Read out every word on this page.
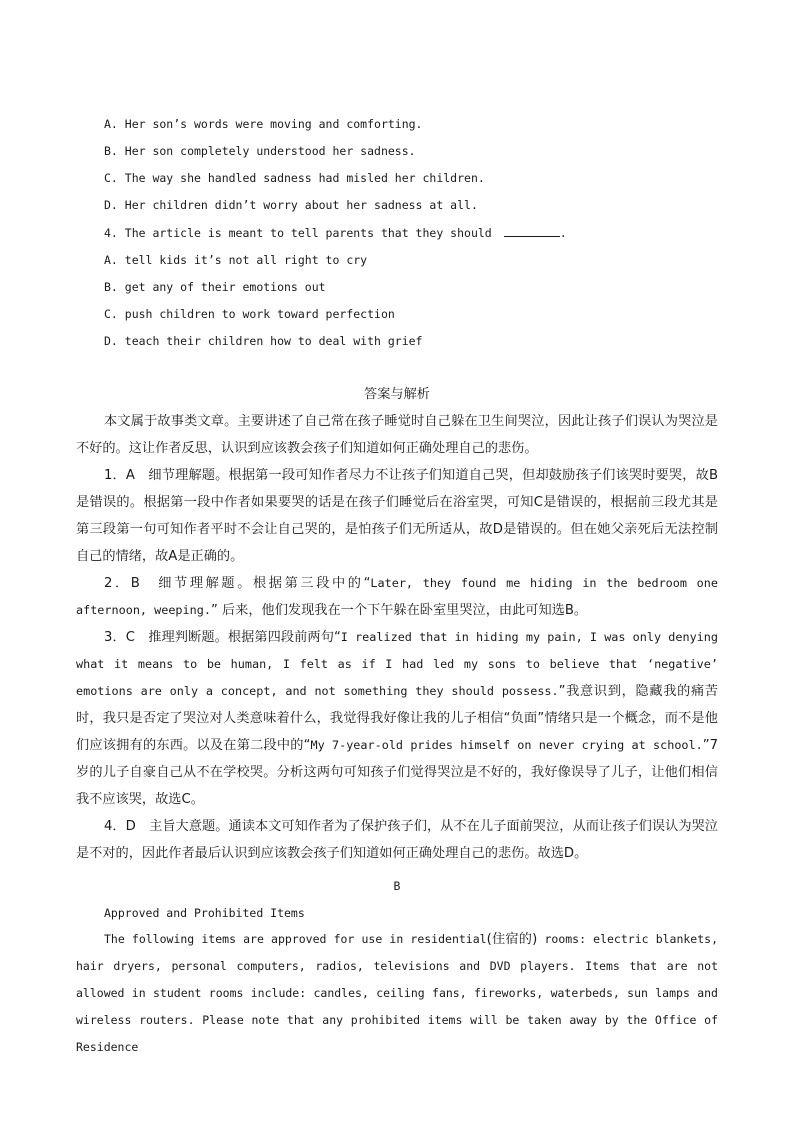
A. Her son’s words were moving and comforting.
B. Her son completely understood her sadness.
C. The way she handled sadness had misled her children.
D. Her children didn’t worry about her sadness at all.
4. The article is meant to tell parents that they should	.
A. tell kids it’s not all right to cry
B. get any of their emotions out
C. push children to work toward perfection
D. teach their children how to deal with grief
答案与解析

本文属于故事类文章。主要讲述了自己常在孩子睡觉时自己躲在卫生间哭泣，因此让孩子们误认为哭泣是不好的。这让作者反思，认识到应该教会孩子们知道如何正确处理自己的悲伤。

1．A　细节理解题。根据第一段可知作者尽力不让孩子们知道自己哭，但却鼓励孩子们该哭时要哭，故B是错误的。根据第一段中作者如果要哭的话是在孩子们睡觉后在浴室哭，可知C是错误的，根据前三段尤其是第三段第一句可知作者平时不会让自己哭的，是怕孩子们无所适从，故D是错误的。但在她父亲死后无法控制自己的情绪，故A是正确的。

2．B　细节理解题。根据第三段中的“Later, they found me hiding in the bedroom one afternoon, weeping.” 后来，他们发现我在一个下午躲在卧室里哭泣，由此可知选B。

3．C　推理判断题。根据第四段前两句“I realized that in hiding my pain, I was only denying what it means to be human, I felt as if I had led my sons to believe that ‘negative’ emotions are only a concept, and not something they should possess.”我意识到，隐藏我的痛苦时，我只是否定了哭泣对人类意味着什么，我觉得我好像让我的儿子相信“负面”情绪只是一个概念，而不是他们应该拥有的东西。以及在第二段中的“My 7-year-old prides himself on never crying at school.”7岁的儿子自豪自己从不在学校哭。分析这两句可知孩子们觉得哭泣是不好的，我好像误导了儿子，让他们相信我不应该哭，故选C。

4．D　主旨大意题。通读本文可知作者为了保护孩子们，从不在儿子面前哭泣，从而让孩子们误认为哭泣是不对的，因此作者最后认识到应该教会孩子们知道如何正确处理自己的悲伤。故选D。

B
Approved and Prohibited Items

The following items are approved for use in residential(住宿的) rooms: electric blankets, hair dryers, personal computers, radios, televisions and DVD players. Items that are not allowed in student rooms include: candles, ceiling fans, fireworks, waterbeds, sun lamps and wireless routers. Please note that any prohibited items will be taken away by the Office of Residence
